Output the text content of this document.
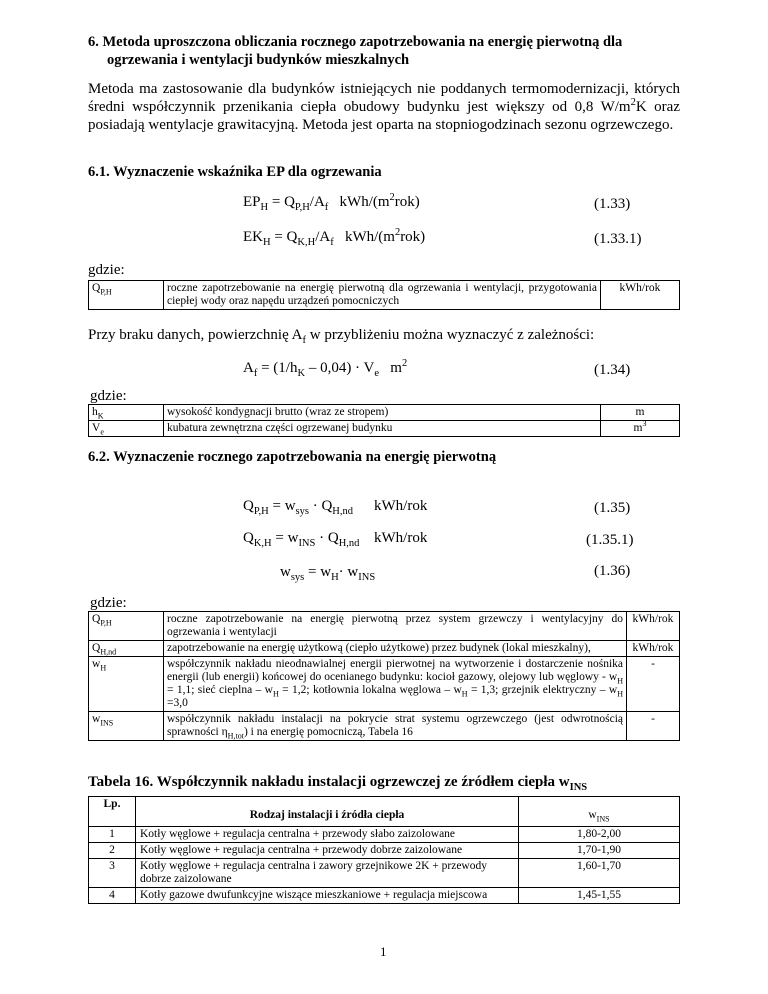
6. Metoda uproszczona obliczania rocznego zapotrzebowania na energię pierwotną dla
ogrzewania i wentylacji budynków mieszkalnych
Metoda ma zastosowanie dla budynków istniejących nie poddanych termomodernizacji, których średni współczynnik przenikania ciepła obudowy budynku jest większy od 0,8 $W/m^2K$ oraz posiadają wentylacje grawitacyjną. Metoda jest oparta na stopniogodzinach sezonu ogrzewczego.
6.1. Wyznaczenie wskaźnika EP dla ogrzewania
$EP_H = Q_{P,H}/A_f$ kWh/$(m^2rok)$	(1.33)
$EK_H = Q_{K,H}/A_f$ kWh/$(m^2rok)$	(1.33.1)
gdzie:
$Q_{P,H}$	roczne zapotrzebowanie na energię pierwotną dla ogrzewania i wentylacji, przygotowania ciepłej wody oraz napędu urządzeń pomocniczych	kWh/rok
Przy braku danych, powierzchnię $A_f$ w przybliżeniu można wyznaczyć z zależności:
$A_f = (1/h_K - 0,04) \cdot V_e$ $m^2$	(1.34)
gdzie:
$h_K$	wysokość kondygnacji brutto (wraz ze stropem)	m
$V_e$	kubatura zewnętrzna części ogrzewanej budynku	$m^3$
6.2. Wyznaczenie rocznego zapotrzebowania na energię pierwotną
$Q_{P,H} = w_{sys} \cdot Q_{H,nd}$ kWh/rok	(1.35)
$Q_{K,H} = w_{INS} \cdot Q_{H,nd}$ kWh/rok	(1.35.1)
$w_{sys} = w_H\cdot w_{INS}$	(1.36)
gdzie:
$Q_{P,H}$	roczne zapotrzebowanie na energię pierwotną przez system grzewczy i wentylacyjny do ogrzewania i wentylacji	kWh/rok
$Q_{H,nd}$	zapotrzebowanie na energię użytkową (ciepło użytkowe) przez budynek (lokal mieszkalny),	kWh/rok
$w_H$	współczynnik nakładu nieodnawialnej energii pierwotnej na wytworzenie i dostarczenie nośnika energii (lub energii) końcowej do ocenianego budynku: kocioł gazowy, olejowy lub węglowy - $w_H = 1,1$; sieć cieplna – $w_H = 1,2$; kotłownia lokalna węglowa – $w_H = 1,3$; grzejnik elektryczny – $w_H =3,0$	-
$w_{INS}$	współczynnik nakładu instalacji na pokrycie strat systemu ogrzewczego (jest odwrotnością sprawności $\eta_{H,tot}$) i na energię pomocniczą, Tabela 16	-
Tabela 16. Współczynnik nakładu instalacji ogrzewczej ze źródłem ciepła $w_{INS}$
Lp.	Rodzaj instalacji i źródła ciepła	$w_{INS}$
1	Kotły węglowe + regulacja centralna + przewody słabo zaizolowane	1,80-2,00
2	Kotły węglowe + regulacja centralna + przewody dobrze zaizolowane	1,70-1,90
3	Kotły węglowe + regulacja centralna i zawory grzejnikowe 2K + przewody dobrze zaizolowane	1,60-1,70
4	Kotły gazowe dwufunkcyjne wiszące mieszkaniowe + regulacja miejscowa	1,45-1,55
1
